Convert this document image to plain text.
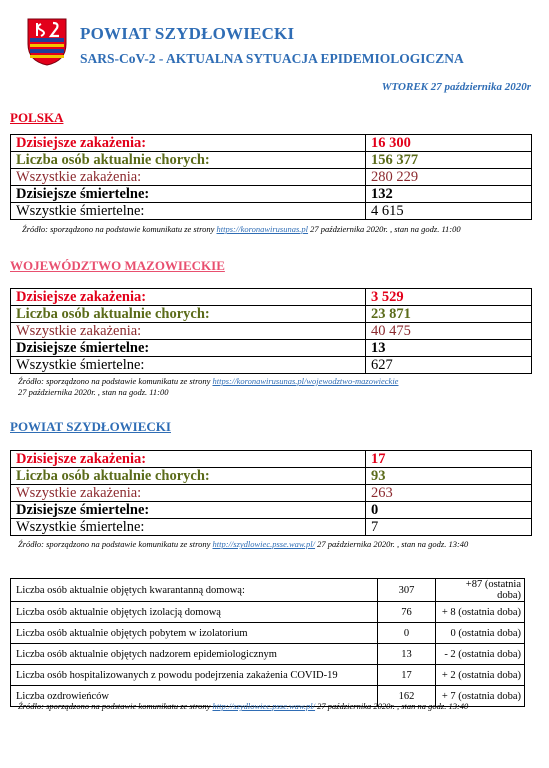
POWIAT SZYDŁOWIECKI
SARS-CoV-2 - AKTUALNA SYTUACJA EPIDEMIOLOGICZNA
WTOREK 27 października 2020r
POLSKA
Dzisiejsze zakażenia:	16 300
Liczba osób aktualnie chorych:	156 377
Wszystkie zakażenia:	280 229
Dzisiejsze śmiertelne:	132
Wszystkie śmiertelne:	4 615
Źródło: sporządzono na podstawie komunikatu ze strony https://koronawirusunas.pl 27 października 2020r. , stan na godz. 11:00
WOJEWÓDZTWO MAZOWIECKIE
Dzisiejsze zakażenia:	3 529
Liczba osób aktualnie chorych:	23 871
Wszystkie zakażenia:	40 475
Dzisiejsze śmiertelne:	13
Wszystkie śmiertelne:	627
Źródło: sporządzono na podstawie komunikatu ze strony https://koronawirusunas.pl/wojewodztwo-mazowieckie
27 października 2020r. , stan na godz. 11:00
POWIAT SZYDŁOWIECKI
Dzisiejsze zakażenia:	17
Liczba osób aktualnie chorych:	93
Wszystkie zakażenia:	263
Dzisiejsze śmiertelne:	0
Wszystkie śmiertelne:	7
Źródło: sporządzono na podstawie komunikatu ze strony http://szydlowiec.psse.waw.pl/ 27 października 2020r. , stan na godz. 13:40
Liczba osób aktualnie objętych kwarantanną domową:	307	+87 (ostatnia doba)
Liczba osób aktualnie objętych izolacją domową	76	+ 8 (ostatnia doba)
Liczba osób aktualnie objętych pobytem w izolatorium	0	0 (ostatnia doba)
Liczba osób aktualnie objętych nadzorem epidemiologicznym	13	- 2 (ostatnia doba)
Liczba osób hospitalizowanych z powodu podejrzenia zakażenia COVID-19	17	+ 2 (ostatnia doba)
Liczba ozdrowieńców	162	+ 7 (ostatnia doba)
Źródło: sporządzono na podstawie komunikatu ze strony http://szydlowiec.psse.waw.pl/ 27 października 2020r. , stan na godz. 13:40
